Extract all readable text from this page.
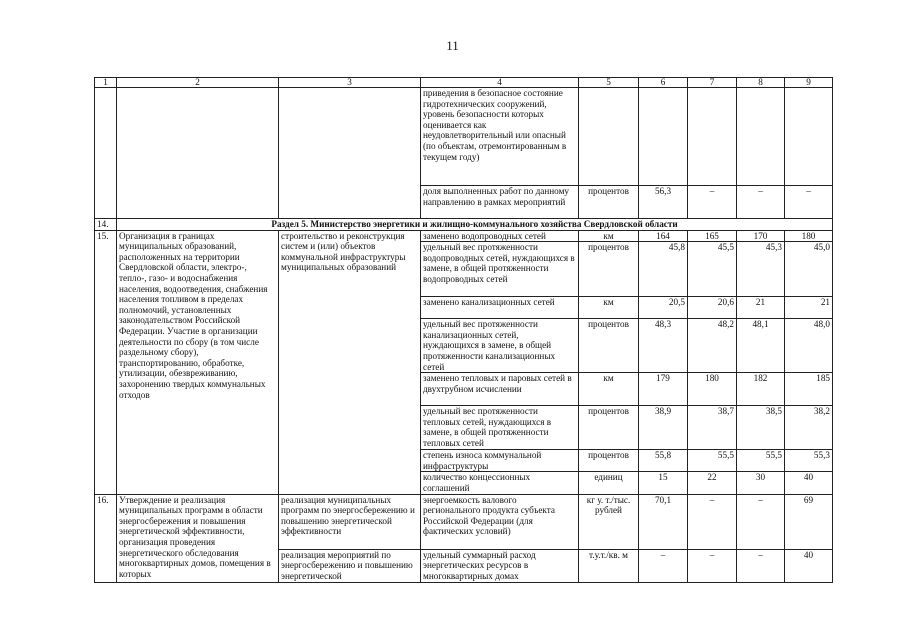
11
1	2	3	4	5	6	7	8	9
			приведения в безопасное состояние гидротехнических сооружений, уровень безопасности которых оценивается как неудовлетворительный или опасный (по объектам, отремонтированным в текущем году)					
			доля выполненных работ по данному направлению в рамках мероприятий	процентов	56,3	–	–	–
14.	Раздел 5. Министерство энергетики и жилищно-коммунального хозяйства Свердловской области							
15.	Организация в границах муниципальных образований, расположенных на территории Свердловской области, электро-, тепло-, газо- и водоснабжения населения, водоотведения, снабжения населения топливом в пределах полномочий, установленных законодательством Российской Федерации. Участие в организации деятельности по сбору (в том числе раздельному сбору), транспортированию, обработке, утилизации, обезвреживанию, захоронению твердых коммунальных отходов	строительство и реконструкция систем и (или) объектов коммунальной инфраструктуры муниципальных образований	заменено водопроводных сетей	км	164	165	170	180
			удельный вес протяженности водопроводных сетей, нуждающихся в замене, в общей протяженности водопроводных сетей	процентов	45,8	45,5	45,3	45,0
			заменено канализационных сетей	км	20,5	20,6	21	21
			удельный вес протяженности канализационных сетей, нуждающихся в замене, в общей протяженности канализационных сетей	процентов	48,3	48,2	48,1	48,0
			заменено тепловых и паровых сетей в двухтрубном исчислении	км	179	180	182	185
			удельный вес протяженности тепловых сетей, нуждающихся в замене, в общей протяженности тепловых сетей	процентов	38,9	38,7	38,5	38,2
			степень износа коммунальной инфраструктуры	процентов	55,8	55,5	55,5	55,3
			количество концессионных соглашений	единиц	15	22	30	40
16.	Утверждение и реализация муниципальных программ в области энергосбережения и повышения энергетической эффективности, организация проведения энергетического обследования многоквартирных домов, помещения в которых	реализация муниципальных программ по энергосбережению и повышению энергетической эффективности	энергоемкость валового регионального продукта субъекта Российской Федерации (для фактических условий)	кг у. т./тыс. рублей	70,1	–	–	69
		реализация мероприятий по энергосбережению и повышению энергетической	удельный суммарный расход энергетических ресурсов в многоквартирных домах	т.у.т./кв. м	–	–	–	40
